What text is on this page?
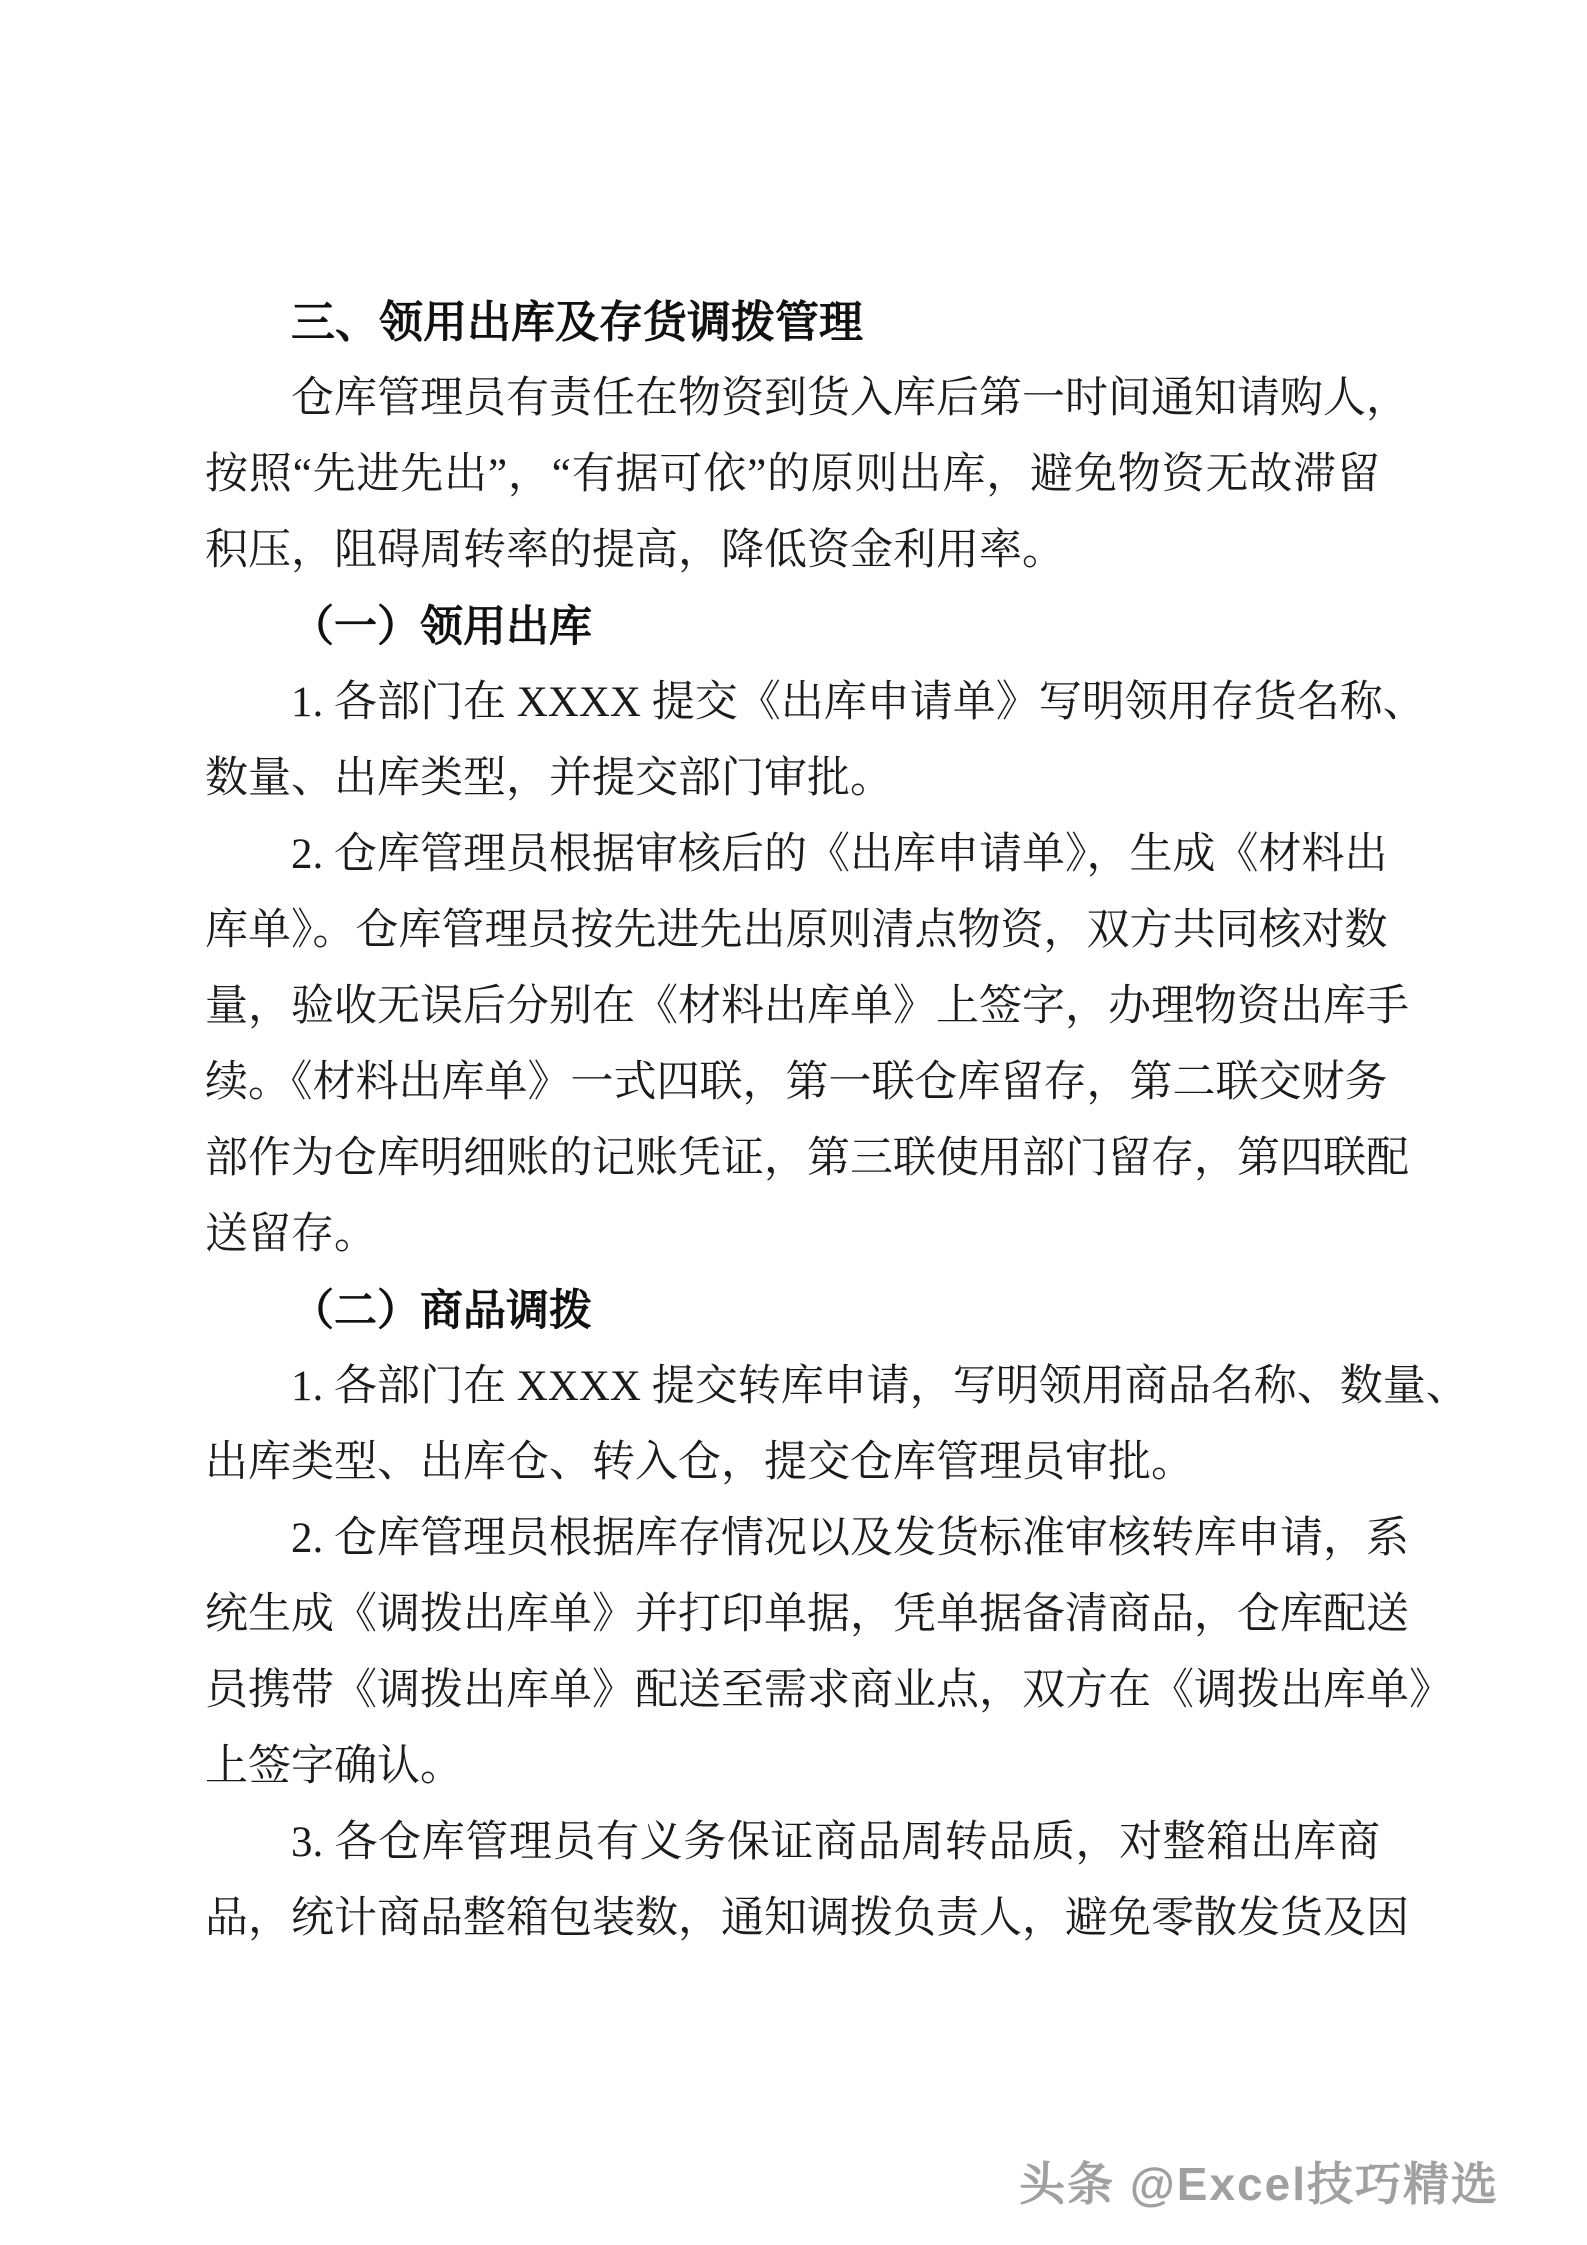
三、领用出库及存货调拨管理
仓库管理员有责任在物资到货入库后第一时间通知请购人，
按照“先进先出”，“有据可依”的原则出库，避免物资无故滞留
积压，阻碍周转率的提高，降低资金利用率。
（一）领用出库
1. 各部门在 XXXX 提交《出库申请单》写明领用存货名称、
数量、出库类型，并提交部门审批。
2. 仓库管理员根据审核后的《出库申请单》，生成《材料出
库单》。仓库管理员按先进先出原则清点物资，双方共同核对数
量，验收无误后分别在《材料出库单》上签字，办理物资出库手
续。《材料出库单》一式四联，第一联仓库留存，第二联交财务
部作为仓库明细账的记账凭证，第三联使用部门留存，第四联配
送留存。
（二）商品调拨
1. 各部门在 XXXX 提交转库申请，写明领用商品名称、数量、
出库类型、出库仓、转入仓，提交仓库管理员审批。
2. 仓库管理员根据库存情况以及发货标准审核转库申请，系
统生成《调拨出库单》并打印单据，凭单据备清商品，仓库配送
员携带《调拨出库单》配送至需求商业点，双方在《调拨出库单》
上签字确认。
3. 各仓库管理员有义务保证商品周转品质，对整箱出库商
品，统计商品整箱包装数，通知调拨负责人，避免零散发货及因
头条 @Excel技巧精选
